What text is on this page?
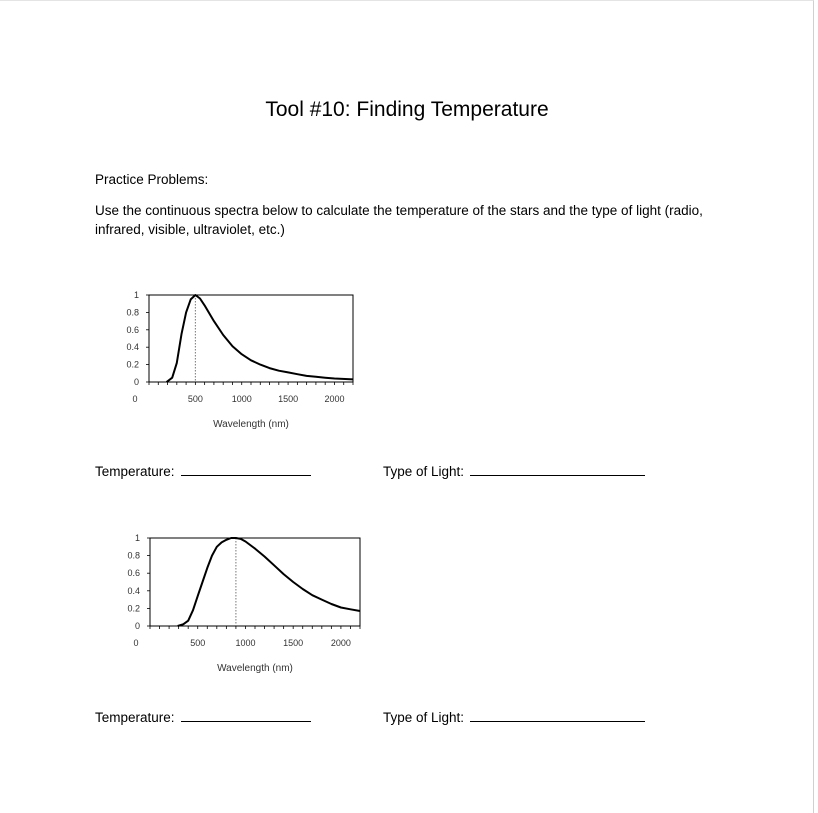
Tool #10: Finding Temperature
Practice Problems:
Use the continuous spectra below to calculate the temperature of the stars and the type of light (radio, infrared, visible, ultraviolet, etc.)
0
0.2
0.4
0.6
0.8
1
0	500	1000	1500	2000
Wavelength (nm)
Temperature:	Type of Light:
0
0.2
0.4
0.6
0.8
1
0	500	1000	1500	2000
Wavelength (nm)
Temperature:	Type of Light:
